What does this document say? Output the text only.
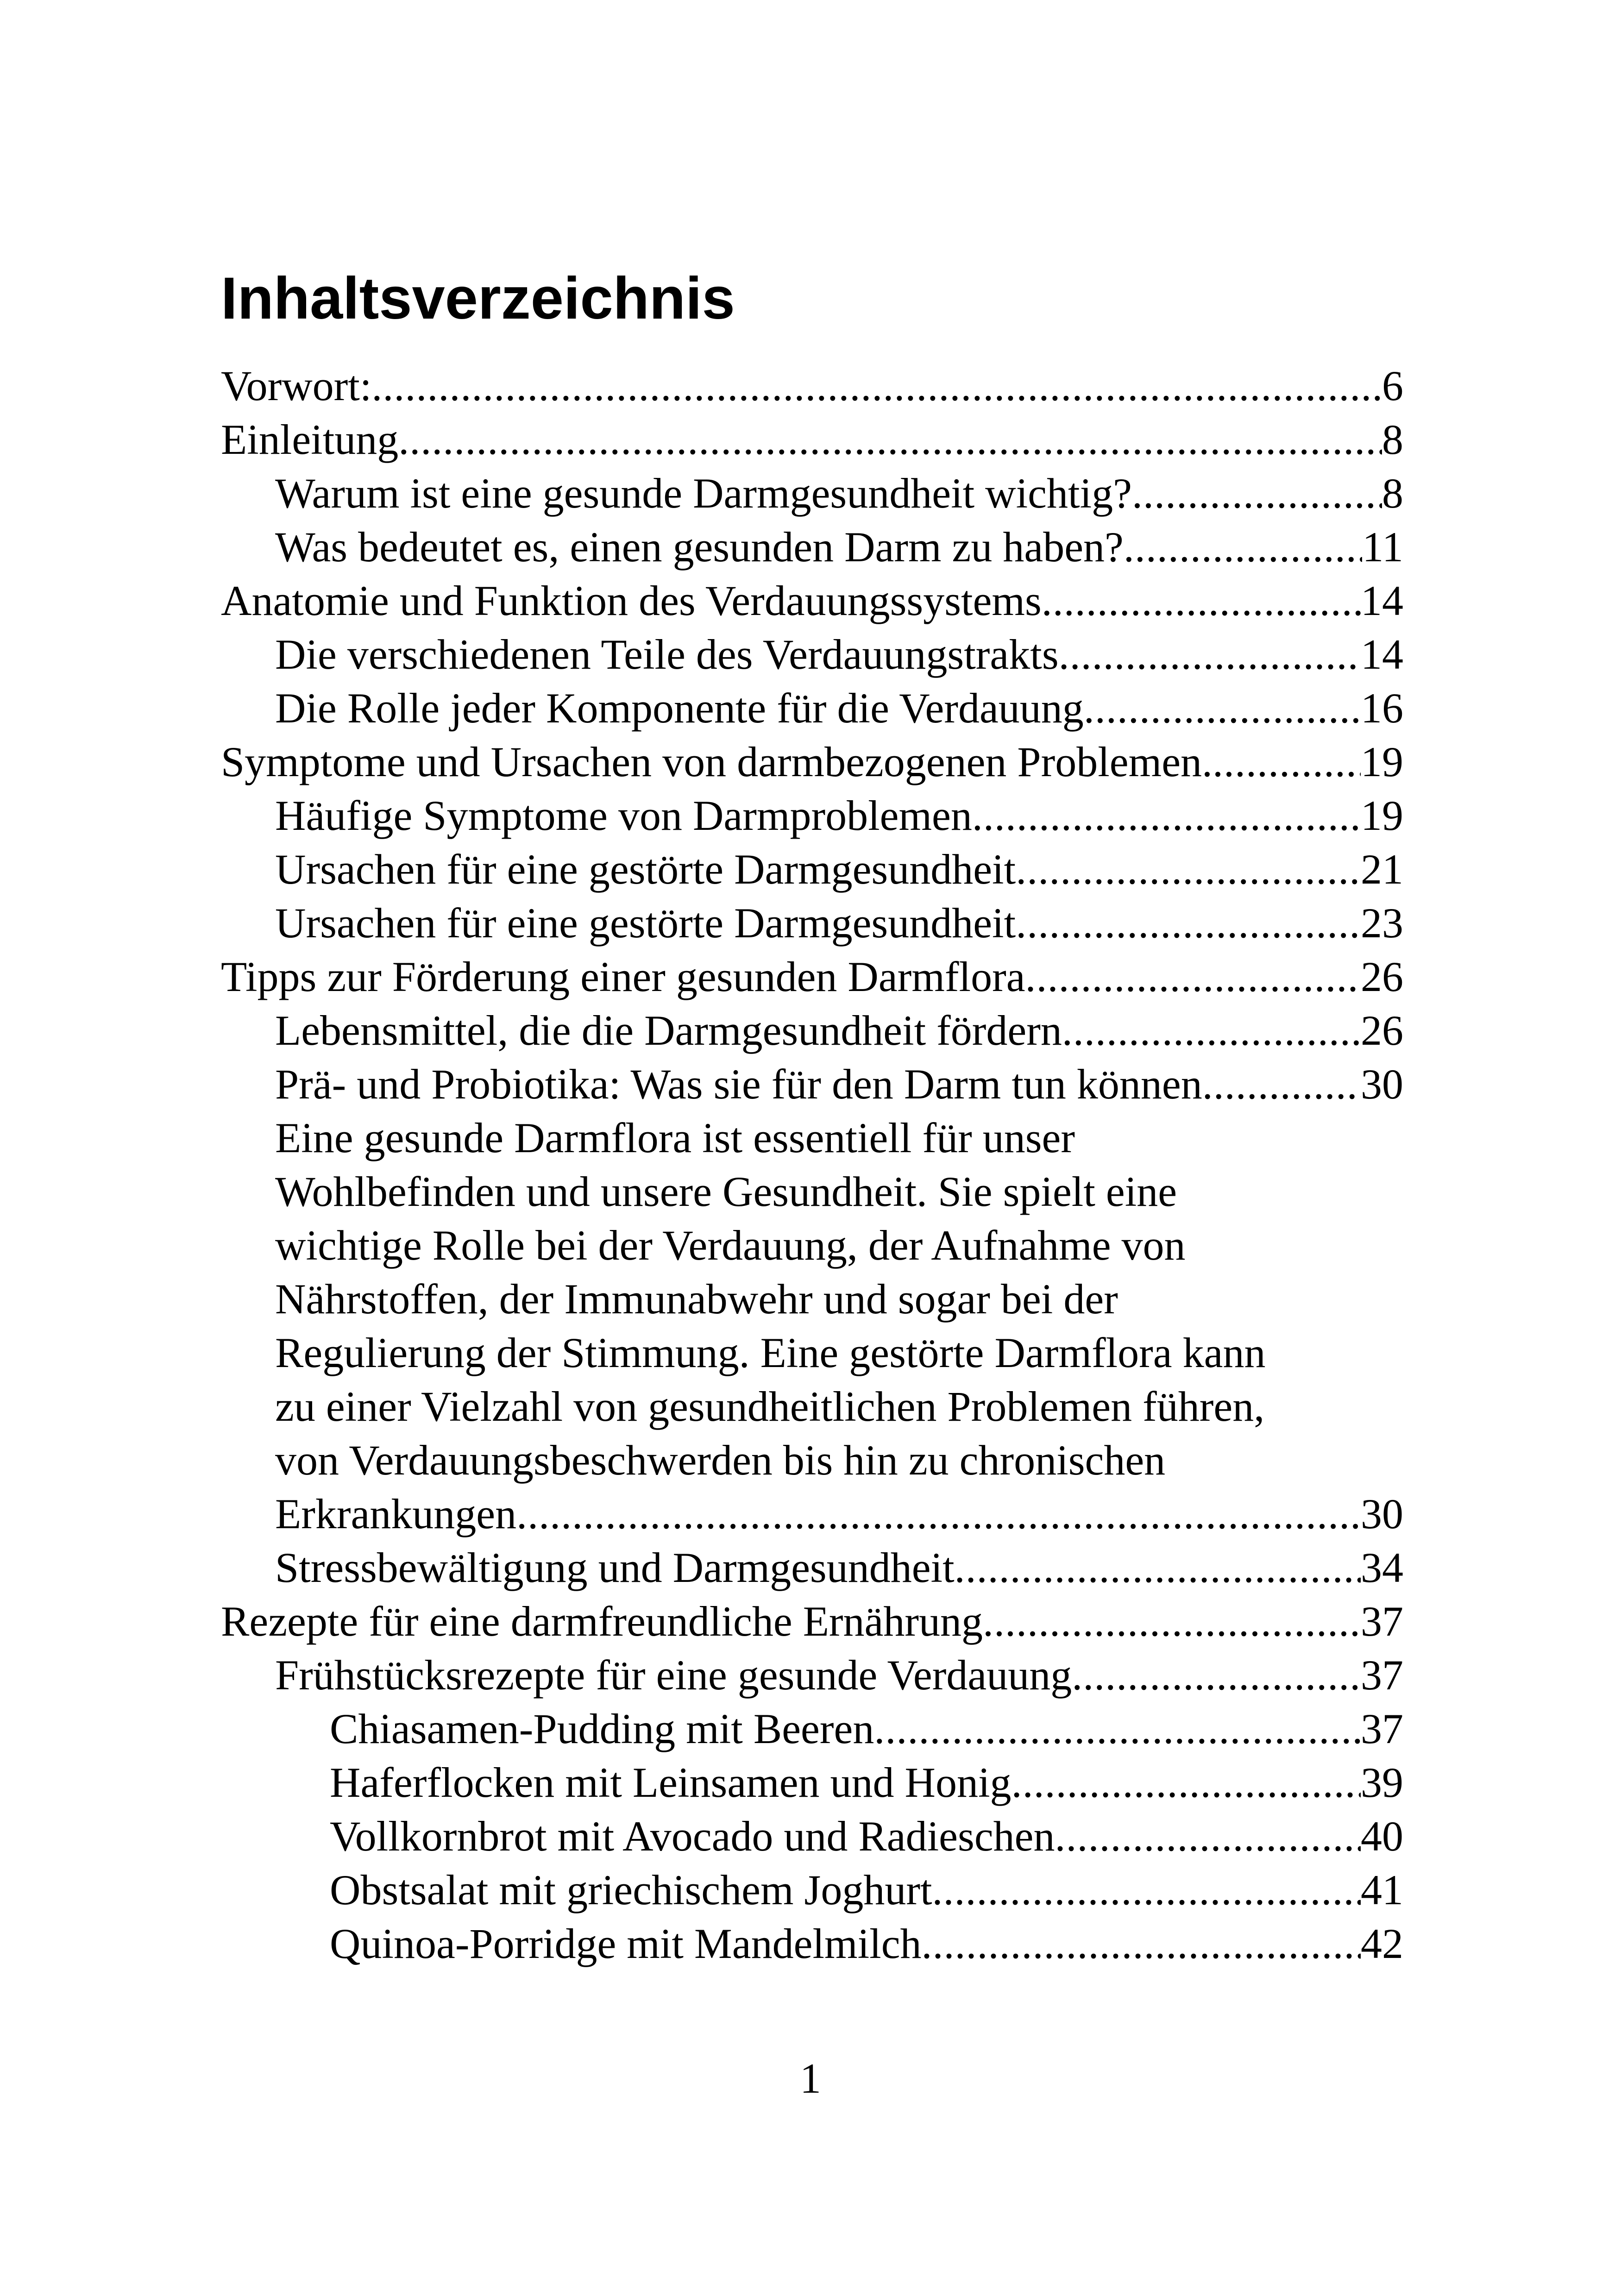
Inhaltsverzeichnis
Vorwort: .....	6
Einleitung .....	8
Warum ist eine gesunde Darmgesundheit wichtig? .....	8
Was bedeutet es, einen gesunden Darm zu haben? .....	11
Anatomie und Funktion des Verdauungssystems .....	14
Die verschiedenen Teile des Verdauungstrakts .....	14
Die Rolle jeder Komponente für die Verdauung .....	16
Symptome und Ursachen von darmbezogenen Problemen. .....	19
Häufige Symptome von Darmproblemen .....	19
Ursachen für eine gestörte Darmgesundheit .....	21
Ursachen für eine gestörte Darmgesundheit .....	23
Tipps zur Förderung einer gesunden Darmflora .....	26
Lebensmittel, die die Darmgesundheit fördern .....	26
Prä- und Probiotika: Was sie für den Darm tun können .....	30
Eine gesunde Darmflora ist essentiell für unser
Wohlbefinden und unsere Gesundheit. Sie spielt eine
wichtige Rolle bei der Verdauung, der Aufnahme von
Nährstoffen, der Immunabwehr und sogar bei der
Regulierung der Stimmung. Eine gestörte Darmflora kann
zu einer Vielzahl von gesundheitlichen Problemen führen,
von Verdauungsbeschwerden bis hin zu chronischen
Erkrankungen .....	30
Stressbewältigung und Darmgesundheit .....	34
Rezepte für eine darmfreundliche Ernährung .....	37
Frühstücksrezepte für eine gesunde Verdauung .....	37
Chiasamen-Pudding mit Beeren .....	37
Haferflocken mit Leinsamen und Honig .....	39
Vollkornbrot mit Avocado und Radieschen .....	40
Obstsalat mit griechischem Joghurt .....	41
Quinoa-Porridge mit Mandelmilch .....	42
1
